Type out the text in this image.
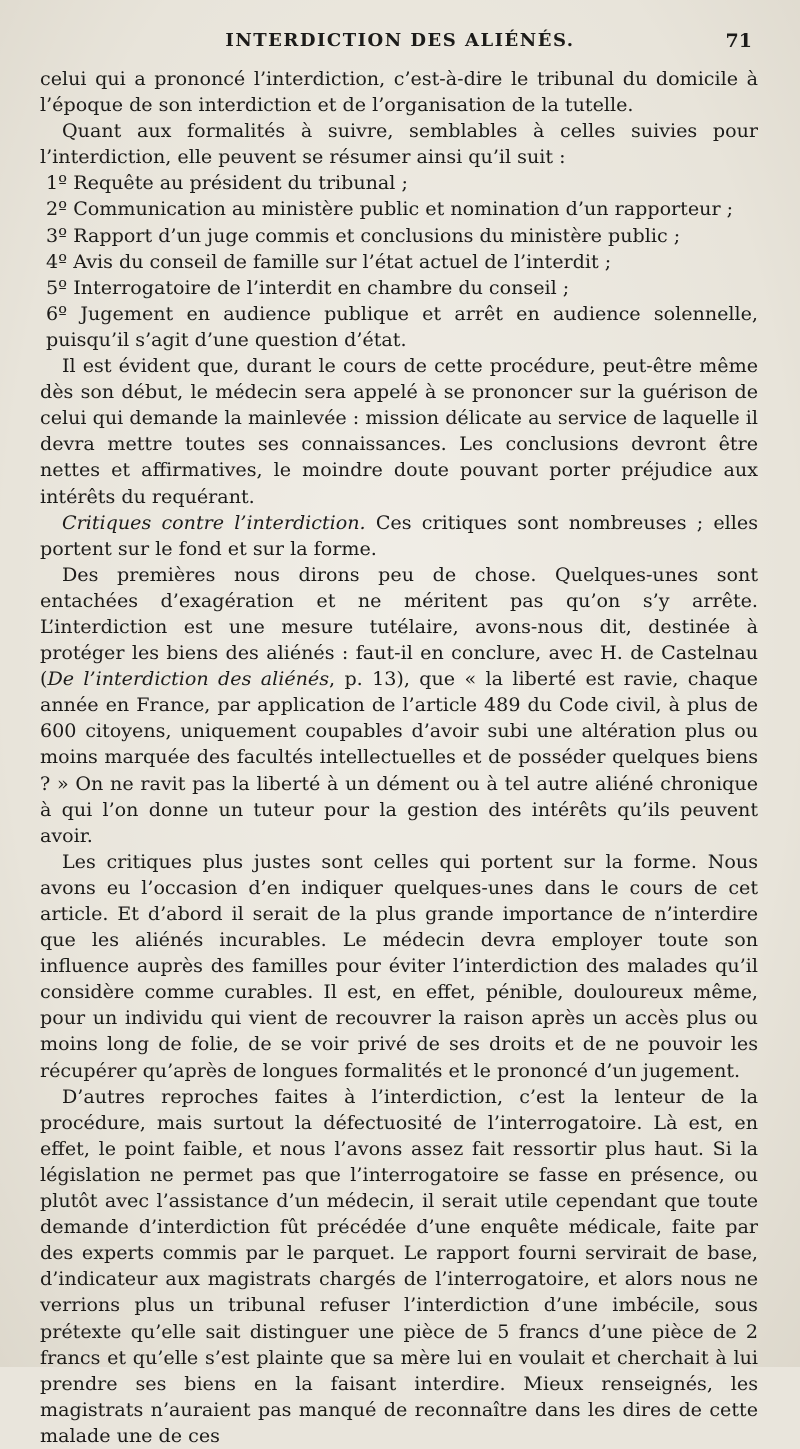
INTERDICTION DES ALIÉNÉS.	71

celui qui a prononcé l’interdiction, c’est-à-dire le tribunal du domicile à l’époque de son interdiction et de l’organisation de la tutelle.

Quant aux formalités à suivre, semblables à celles suivies pour l’interdiction, elle peuvent se résumer ainsi qu’il suit :

1º Requête au président du tribunal ;

2º Communication au ministère public et nomination d’un rapporteur ;

3º Rapport d’un juge commis et conclusions du ministère public ;

4º Avis du conseil de famille sur l’état actuel de l’interdit ;

5º Interrogatoire de l’interdit en chambre du conseil ;

6º Jugement en audience publique et arrêt en audience solennelle, puisqu’il s’agit d’une question d’état.

Il est évident que, durant le cours de cette procédure, peut-être même dès son début, le médecin sera appelé à se prononcer sur la guérison de celui qui demande la mainlevée : mission délicate au service de laquelle il devra mettre toutes ses connaissances. Les conclusions devront être nettes et affirmatives, le moindre doute pouvant porter préjudice aux intérêts du requérant.

Critiques contre l’interdiction. Ces critiques sont nombreuses ; elles portent sur le fond et sur la forme.

Des premières nous dirons peu de chose. Quelques-unes sont entachées d’exagération et ne méritent pas qu’on s’y arrête. L’interdiction est une mesure tutélaire, avons-nous dit, destinée à protéger les biens des aliénés : faut-il en conclure, avec H. de Castelnau (De l’interdiction des aliénés, p. 13), que « la liberté est ravie, chaque année en France, par application de l’article 489 du Code civil, à plus de 600 citoyens, uniquement coupables d’avoir subi une altération plus ou moins marquée des facultés intellectuelles et de posséder quelques biens ? » On ne ravit pas la liberté à un dément ou à tel autre aliéné chronique à qui l’on donne un tuteur pour la gestion des intérêts qu’ils peuvent avoir.

Les critiques plus justes sont celles qui portent sur la forme. Nous avons eu l’occasion d’en indiquer quelques-unes dans le cours de cet article. Et d’abord il serait de la plus grande importance de n’interdire que les aliénés incurables. Le médecin devra employer toute son influence auprès des familles pour éviter l’interdiction des malades qu’il considère comme curables. Il est, en effet, pénible, douloureux même, pour un individu qui vient de recouvrer la raison après un accès plus ou moins long de folie, de se voir privé de ses droits et de ne pouvoir les récupérer qu’après de longues formalités et le prononcé d’un jugement.

D’autres reproches faites à l’interdiction, c’est la lenteur de la procédure, mais surtout la défectuosité de l’interrogatoire. Là est, en effet, le point faible, et nous l’avons assez fait ressortir plus haut. Si la législation ne permet pas que l’interrogatoire se fasse en présence, ou plutôt avec l’assistance d’un médecin, il serait utile cependant que toute demande d’interdiction fût précédée d’une enquête médicale, faite par des experts commis par le parquet. Le rapport fourni servirait de base, d’indicateur aux magistrats chargés de l’interrogatoire, et alors nous ne verrions plus un tribunal refuser l’interdiction d’une imbécile, sous prétexte qu’elle sait distinguer une pièce de 5 francs d’une pièce de 2 francs et qu’elle s’est plainte que sa mère lui en voulait et cherchait à lui prendre ses biens en la faisant interdire. Mieux renseignés, les magistrats n’auraient pas manqué de reconnaître dans les dires de cette malade une de ces
